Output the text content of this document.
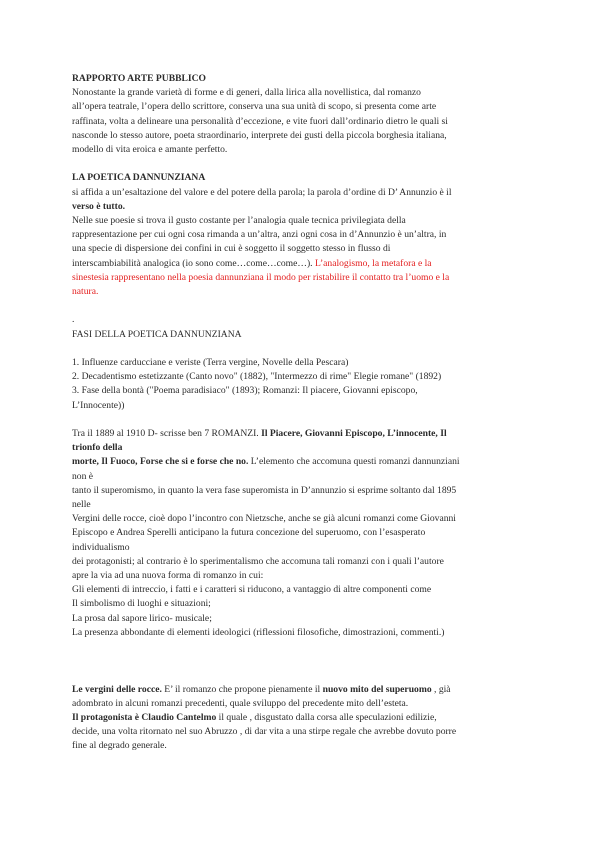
RAPPORTO ARTE PUBBLICO

Nonostante la grande varietà di forme e di generi, dalla lirica alla novellistica, dal romanzo

all’opera teatrale, l’opera dello scrittore, conserva una sua unità di scopo, si presenta come arte

raffinata, volta a delineare una personalità d’eccezione, e vite fuori dall’ordinario dietro le quali si

nasconde lo stesso autore, poeta straordinario, interprete dei gusti della piccola borghesia italiana,

modello di vita eroica e amante perfetto.

LA POETICA DANNUNZIANA

si affida a un’esaltazione del valore e del potere della parola; la parola d’ordine di D’ Annunzio è il

verso è tutto.

Nelle sue poesie si trova il gusto costante per l’analogia quale tecnica privilegiata della

rappresentazione per cui ogni cosa rimanda a un’altra, anzi ogni cosa in d’Annunzio è un’altra, in

una specie di dispersione dei confini in cui è soggetto il soggetto stesso in flusso di

interscambiabilità analogica (io sono come…come…come…). L’analogismo, la metafora e la

sinestesia rappresentano nella poesia dannunziana il modo per ristabilire il contatto tra l’uomo e la

natura.

.

FASI DELLA POETICA DANNUNZIANA

1. Influenze carducciane e veriste (Terra vergine, Novelle della Pescara)

2. Decadentismo estetizzante (Canto novo" (1882), "Intermezzo di rime" Elegie romane" (1892)

3. Fase della bontà ("Poema paradisiaco" (1893); Romanzi: Il piacere, Giovanni episcopo,

L’Innocente))

Tra il 1889 al 1910 D- scrisse ben 7 ROMANZI. Il Piacere, Giovanni Episcopo, L’innocente, Il

trionfo della

morte, Il Fuoco, Forse che si e forse che no. L’elemento che accomuna questi romanzi dannunziani

non è

tanto il superomismo, in quanto la vera fase superomista in D’annunzio si esprime soltanto dal 1895

nelle

Vergini delle rocce, cioè dopo l’incontro con Nietzsche, anche se già alcuni romanzi come Giovanni

Episcopo e Andrea Sperelli anticipano la futura concezione del superuomo, con l’esasperato

individualismo

dei protagonisti; al contrario è lo sperimentalismo che accomuna tali romanzi con i quali l’autore

apre la via ad una nuova forma di romanzo in cui:

Gli elementi di intreccio, i fatti e i caratteri si riducono, a vantaggio di altre componenti come

Il simbolismo di luoghi e situazioni;

La prosa dal sapore lirico- musicale;

La presenza abbondante di elementi ideologici (riflessioni filosofiche, dimostrazioni, commenti.)

Le vergini delle rocce. E’ il romanzo che propone pienamente il nuovo mito del superuomo , già

adombrato in alcuni romanzi precedenti, quale sviluppo del precedente mito dell’esteta.

Il protagonista è Claudio Cantelmo il quale , disgustato dalla corsa alle speculazioni edilizie,

decide, una volta ritornato nel suo Abruzzo , di dar vita a una stirpe regale che avrebbe dovuto porre

fine al degrado generale.
